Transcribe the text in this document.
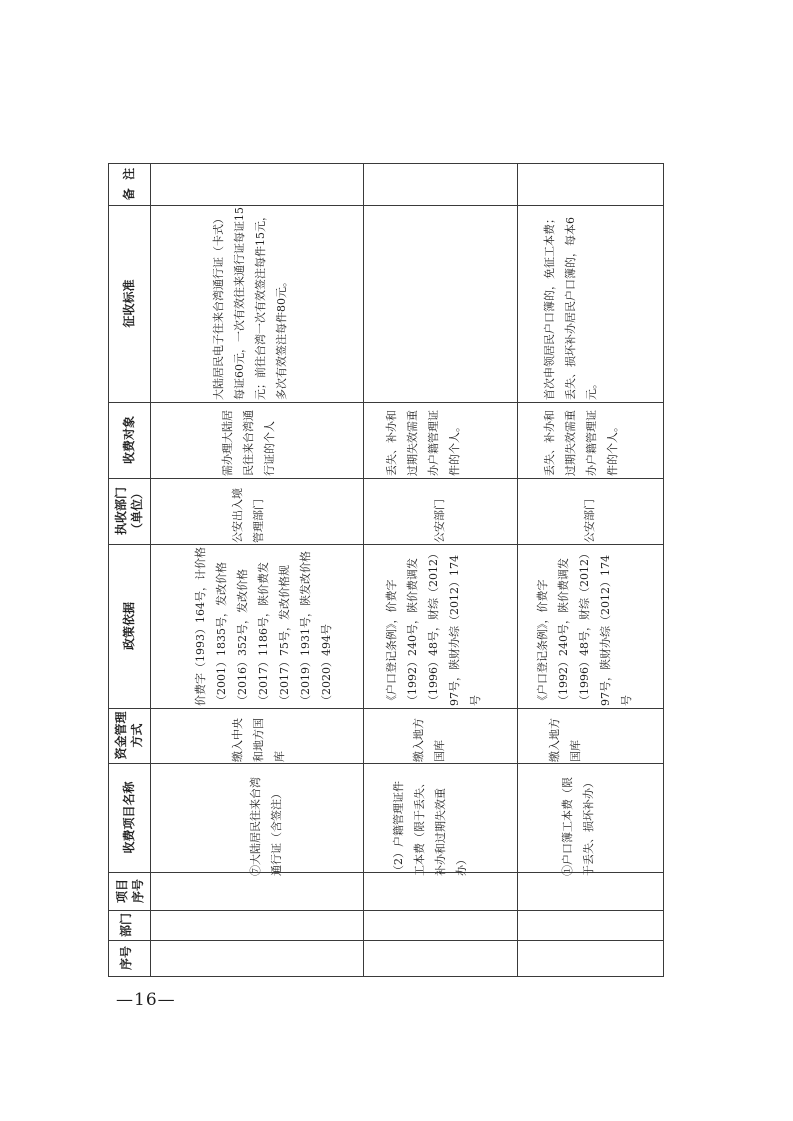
—16—
序号
部门
项目
序号
收费项目名称
资金管理
方式
政策依据
执收部门
（单位）
收费对象
征收标准
备  注
⑦大陆居民往来台湾通行证（含签注）
缴入中央和地方国库
价费字（1993）164号，计价格（2001）1835号，发改价格（2016）352号，发改价格（2017）1186号，陕价费发（2017）75号，发改价格规（2019）1931号，陕发改价格（2020）494号
公安出入境管理部门
需办理大陆居民往来台湾通行证的个人
大陆居民电子往来台湾通行证（卡式）每证60元，一次有效往来通行证每证15元；前往台湾一次有效签注每件15元，多次有效签注每件80元。
（2）户籍管理证件工本费（限于丢失、补办和过期失效重办）
缴入地方国库
《户口登记条例》，价费字（1992）240号，陕价费调发（1996）48号，财综（2012）97号，陕财办综（2012）174号
公安部门
丢失、补办和过期失效需重办户籍管理证件的个人。
①户口簿工本费（限于丢失、损坏补办）
缴入地方国库
《户口登记条例》，价费字（1992）240号，陕价费调发（1996）48号，财综（2012）97号，陕财办综（2012）174号
公安部门
丢失、补办和过期失效需重办户籍管理证件的个人。
首次申领居民户口簿的，免征工本费；丢失、损坏补办居民户口簿的，每本6元。
